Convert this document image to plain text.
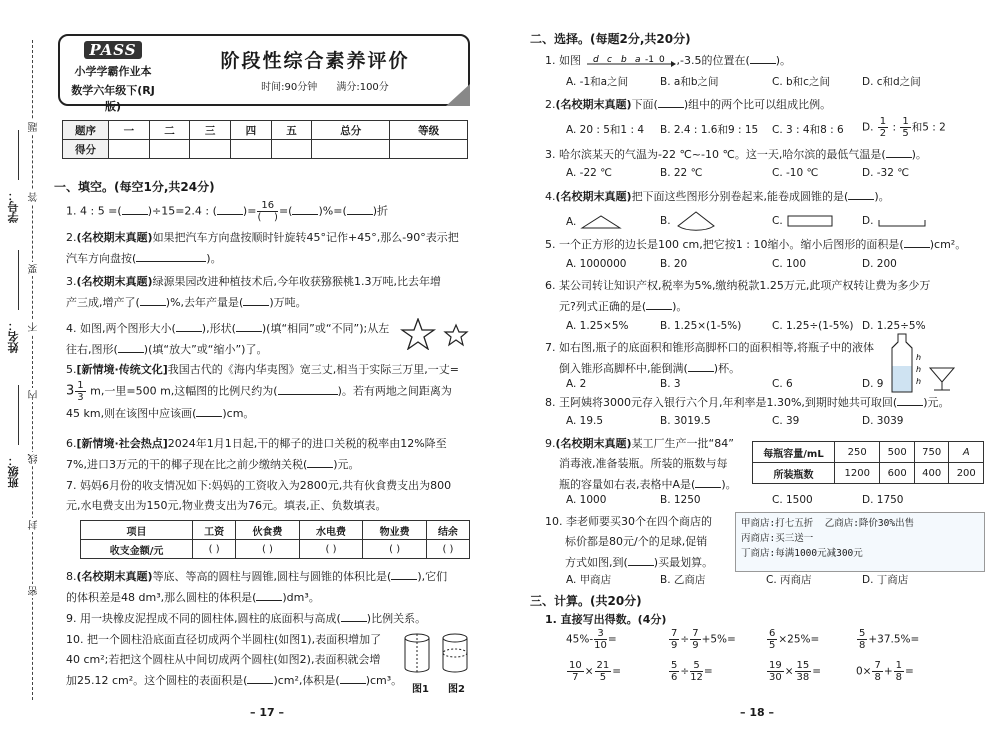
题
答
要
不
内
线
封
密
学号：
姓名：
班级：
PASS
小学学霸作业本
数学六年级下(RJ版)
阶段性综合素养评价
时间:90分钟 满分:100分
题序	一	二	三	四	五	总分	等级
得分							
一、填空。(每空1分,共24分)
1. 4 : 5 =( )÷15=2.4 : ( )= $\frac{16}{( )}$ =( )%=( )折
2.(名校期末真题)如果把汽车方向盘按顺时针旋转45°记作+45°,那么-90°表示把
汽车方向盘按(	)。
3.(名校期末真题)绿源果园改进种植技术后,今年收获猕猴桃1.3万吨,比去年增
产三成,增产了( )%,去年产量是( )万吨。
4. 如图,两个图形大小( ),形状( )(填“相同”或“不同”);从左
往右,图形( )(填“放大”或“缩小”)了。
5.[新情境·传统文化]我国古代的《海内华夷图》宽三丈,相当于实际三万里,一丈=
$3 \frac{1}{3} m$,一里=500 m,这幅图的比例尺约为(	)。若有两地之间距离为
45 km,则在该图中应该画( )cm。
6.[新情境·社会热点]2024年1月1日起,干的椰子的进口关税的税率由12%降至
7%,进口3万元的干的椰子现在比之前少缴纳关税( )元。
7. 妈妈6月份的收支情况如下:妈妈的工资收入为2800元,共有伙食费支出为800
元,水电费支出为150元,物业费支出为76元。填表,正、负数填表。
项目	工资	伙食费	水电费	物业费	结余
收支金额/元	( )	( )	( )	( )	( )
8.(名校期末真题)等底、等高的圆柱与圆锥,圆柱与圆锥的体积比是( ),它们
的体积差是48 dm³,那么圆柱的体积是( )dm³。
9. 用一块橡皮泥捏成不同的圆柱体,圆柱的底面积与高成( )比例关系。
10. 把一个圆柱沿底面直径切成两个半圆柱(如图1),表面积增加了
40 cm²;若把这个圆柱从中间切成两个圆柱(如图2),表面积就会增
加25.12 cm²。这个圆柱的表面积是( )cm²,体积是( )cm³。
图1 图2
– 17 –
二、选择。(每题2分,共20分)
1. 如图 d c b a -1 0 ,-3.5的位置在( )。
A. -1和a之间	B. a和b之间	C. b和c之间	D. c和d之间
2.(名校期末真题)下面( )组中的两个比可以组成比例。
A. 20 : 5和1 : 4 B. 2.4 : 1.6和9 : 15 C. 3 : 4和8 : 6 D. $\frac{1}{2}$ : $\frac{1}{5}$ 和5 : 2
3. 哈尔滨某天的气温为-22 ℃~-10 ℃。这一天,哈尔滨的最低气温是( )。
A. -22 ℃	B. 22 ℃	C. -10 ℃	D. -32 ℃
4.(名校期末真题)把下面这些图形分别卷起来,能卷成圆锥的是( )。
A.	B.	C.	D.
5. 一个正方形的边长是100 cm,把它按1 : 10缩小。缩小后图形的面积是( )cm²。
A. 1000000	B. 20	C. 100	D. 200
6. 某公司转让知识产权,税率为5%,缴纳税款1.25万元,此项产权转让费为多少万
元?列式正确的是( )。
A. 1.25×5%	B. 1.25×(1-5%)	C. 1.25÷(1-5%) D. 1.25÷5%
7. 如右图,瓶子的底面积和锥形高脚杯口的面积相等,将瓶子中的液体
倒入锥形高脚杯中,能倒满( )杯。
A. 2	B. 3	C. 6	D. 9
h
h
h
8. 王阿姨将3000元存入银行六个月,年利率是1.30%,到期时她共可取回( )元。
A. 19.5	B. 3019.5	C. 39	D. 3039
9.(名校期末真题)某工厂生产一批“84”
消毒液,准备装瓶。所装的瓶数与每
瓶的容量如右表,表格中A是( )。
每瓶容量/mL	250	500	750	A
所装瓶数	1200	600	400	200
A. 1000	B. 1250	C. 1500	D. 1750
10. 李老师要买30个在四个商店的
标价都是80元/个的足球,促销
方式如图,到( )买最划算。
甲商店:打七五折 乙商店:降价30%出售
丙商店:买三送一
丁商店:每满1000元减300元
A. 甲商店	B. 乙商店	C. 丙商店	D. 丁商店
三、计算。(共20分)
1. 直接写出得数。(4分)
$45\%- \frac{3}{10}$ =	$\frac{7}{9} \div \frac{7}{9} +5\%=$	$\frac{6}{5} \times 25\%=$	$\frac{5}{8} +37.5\%=$
$\frac{10}{7} \times \frac{21}{5}$ =	$\frac{5}{6} \div \frac{5}{12}$ =	$\frac{19}{30} \times \frac{15}{38}$ =	$0\times \frac{7}{8} + \frac{1}{8}$ =
– 18 –
